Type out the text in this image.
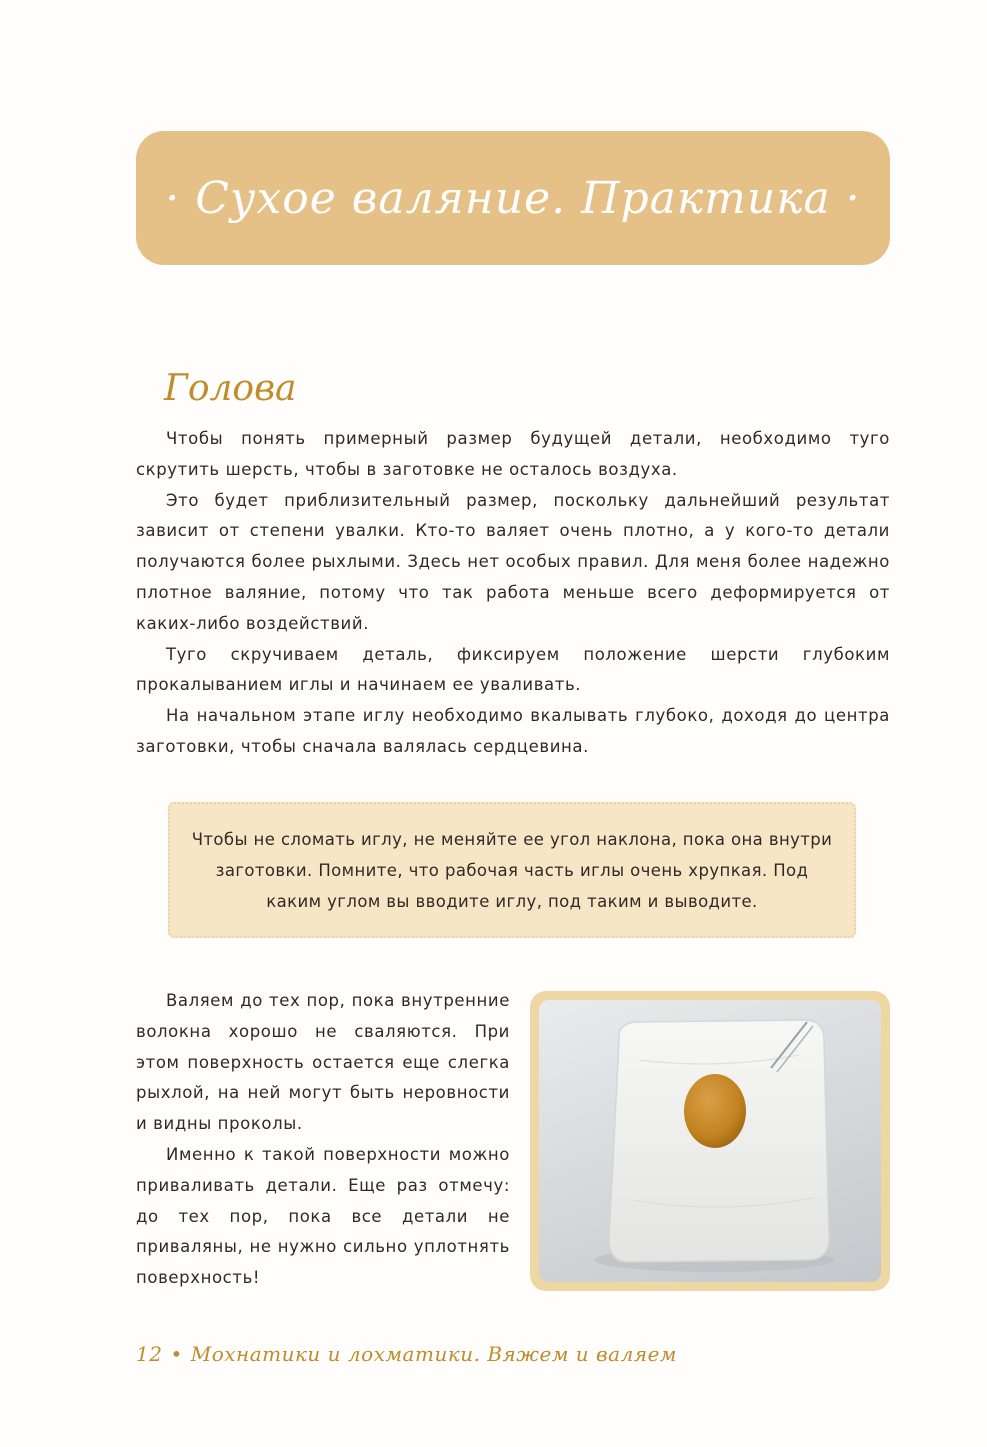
· Сухое валяние. Практика ·
Голова

Чтобы понять примерный размер будущей детали, необходимо туго скрутить шерсть, чтобы в заготовке не осталось воздуха.

Это будет приблизительный размер, поскольку дальнейший результат зависит от степени увалки. Кто-то валяет очень плотно, а у кого-то детали получаются более рыхлыми. Здесь нет особых правил. Для меня более надежно плотное валяние, потому что так работа меньше всего деформируется от каких-либо воздействий.

Туго скручиваем деталь, фиксируем положение шерсти глубоким прокалыванием иглы и начинаем ее уваливать.

На начальном этапе иглу необходимо вкалывать глубоко, доходя до центра заготовки, чтобы сначала валялась сердцевина.

Чтобы не сломать иглу, не меняйте ее угол наклона, пока она внутри заготовки. Помните, что рабочая часть иглы очень хрупкая. Под каким углом вы вводите иглу, под таким и выводите.

Валяем до тех пор, пока внутренние волокна хорошо не сваляются. При этом поверхность остается еще слегка рыхлой, на ней могут быть неровности и видны проколы.

Именно к такой поверхности можно приваливать детали. Еще раз отмечу: до тех пор, пока все детали не приваляны, не нужно сильно уплотнять поверхность!

12 • Мохнатики и лохматики. Вяжем и валяем
